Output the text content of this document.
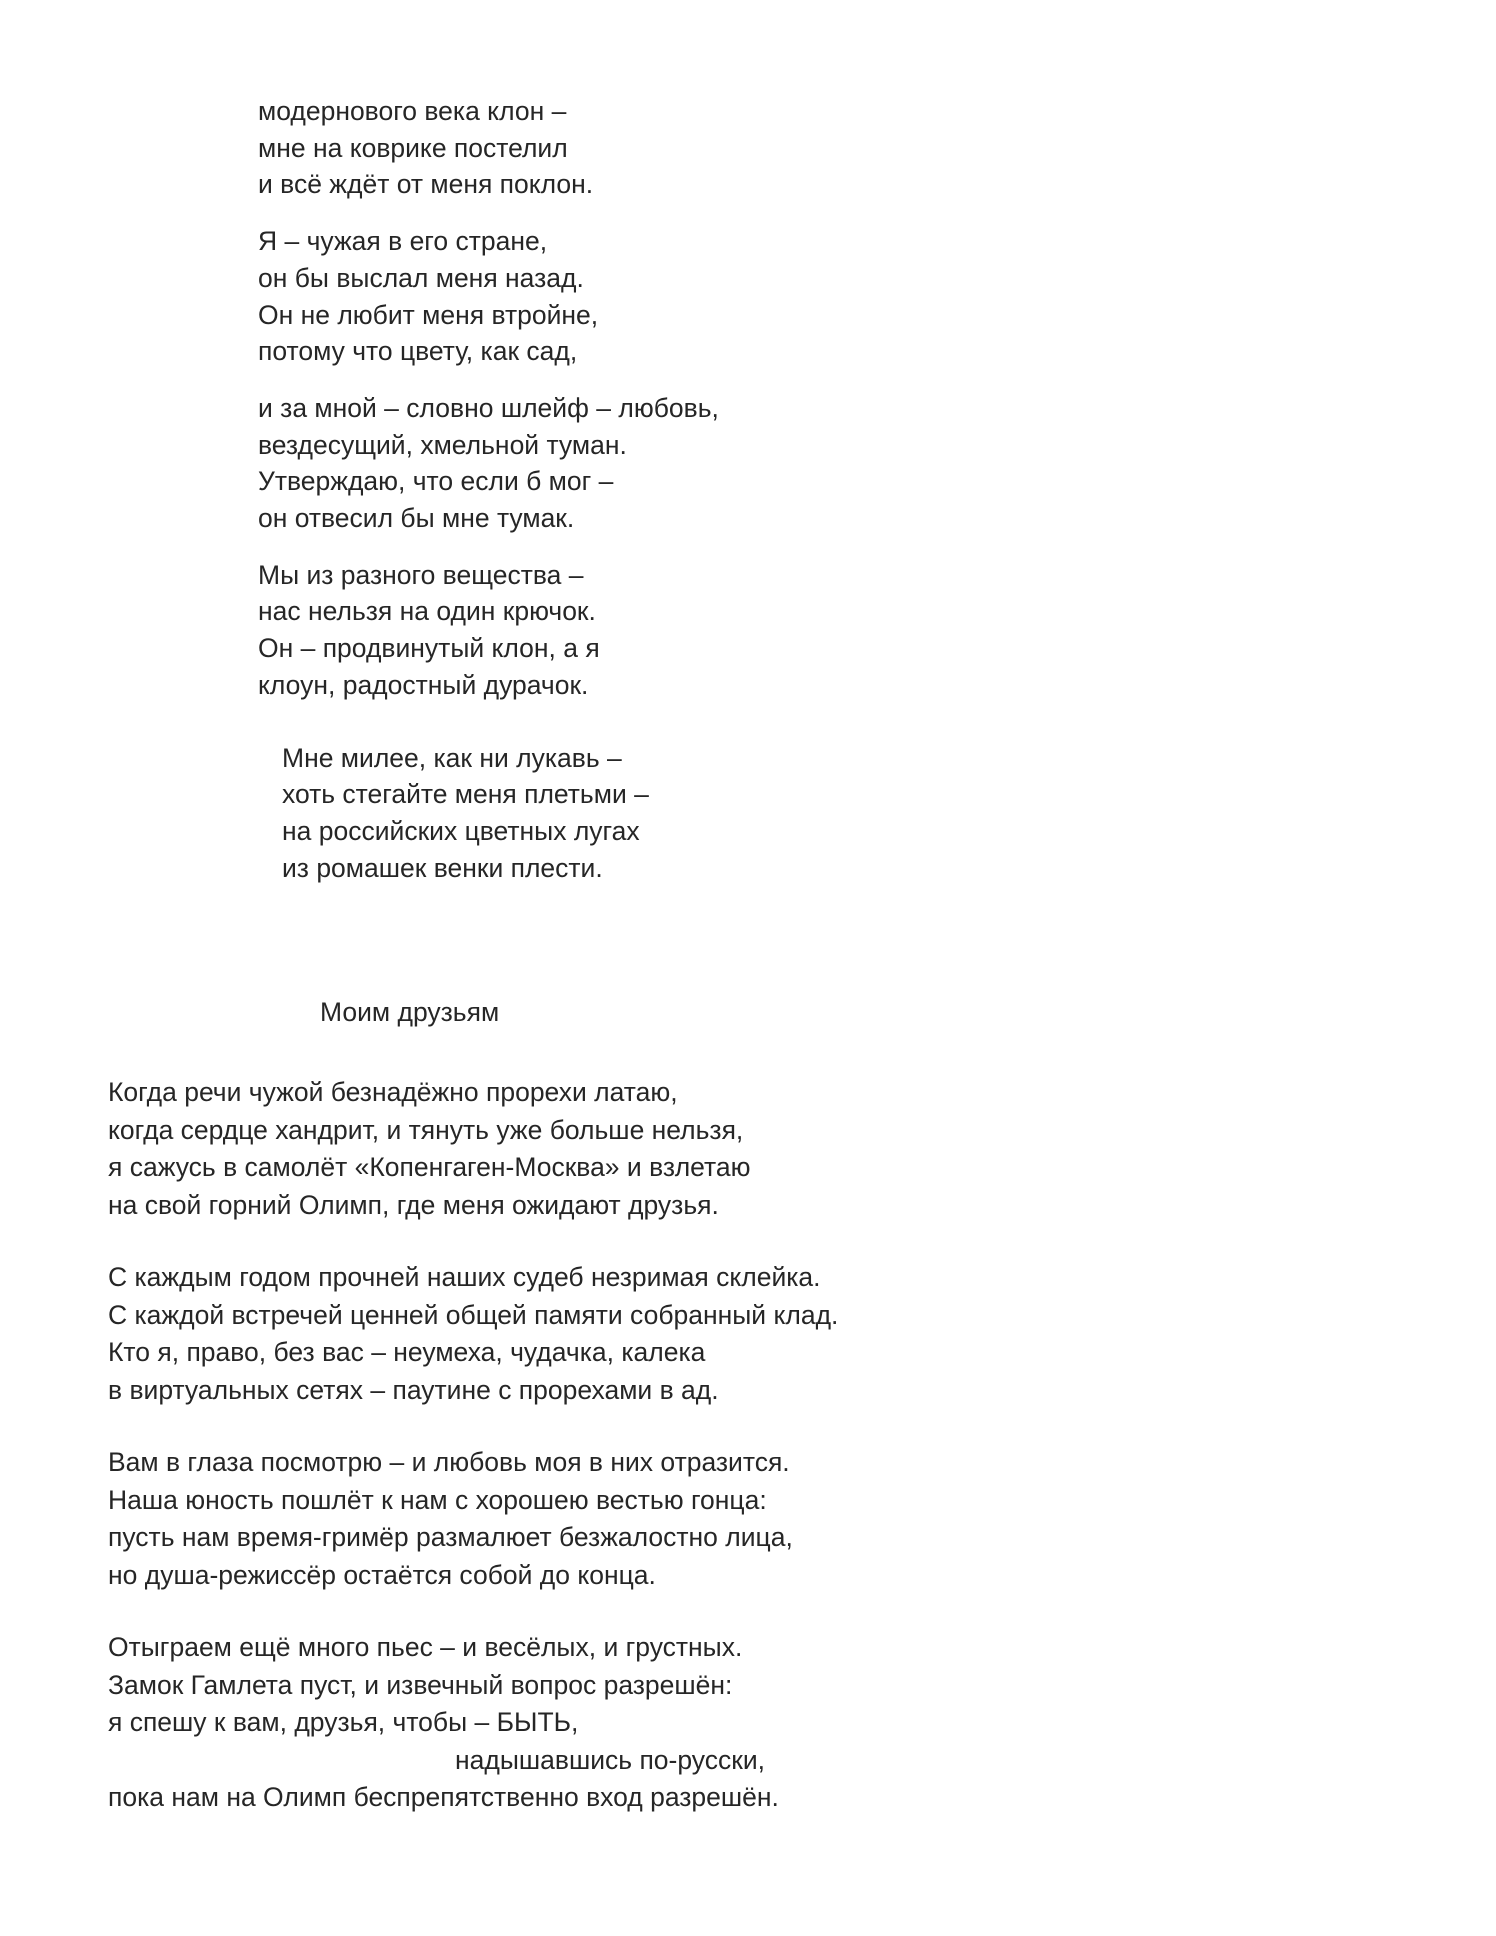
модернового века клон –
мне на коврике постелил
и всё ждёт от меня поклон.
Я – чужая в его стране,
он бы выслал меня назад.
Он не любит меня втройне,
потому что цвету, как сад,
и за мной – словно шлейф – любовь,
вездесущий, хмельной туман.
Утверждаю, что если б мог –
он отвесил бы мне тумак.
Мы из разного вещества –
нас нельзя на один крючок.
Он – продвинутый клон, а я
клоун, радостный дурачок.
Мне милее, как ни лукавь –
хоть стегайте меня плетьми –
на российских цветных лугах
из ромашек венки плести.
Моим друзьям
Когда речи чужой безнадёжно прорехи латаю,
когда сердце хандрит, и тянуть уже больше нельзя,
я сажусь в самолёт «Копенгаген-Москва» и взлетаю
на свой горний Олимп, где меня ожидают друзья.
С каждым годом прочней наших судеб незримая склейка.
С каждой встречей ценней общей памяти собранный клад.
Кто я, право, без вас – неумеха, чудачка, калека
в виртуальных сетях – паутине с прорехами в ад.
Вам в глаза посмотрю – и любовь моя в них отразится.
Наша юность пошлёт к нам с хорошею вестью гонца:
пусть нам время-гримёр размалюет безжалостно лица,
но душа-режиссёр остаётся собой до конца.
Отыграем ещё много пьес – и весёлых, и грустных.
Замок Гамлета пуст, и извечный вопрос разрешён:
я спешу к вам, друзья, чтобы – БЫТЬ,
надышавшись по-русски,
пока нам на Олимп беспрепятственно вход разрешён.
